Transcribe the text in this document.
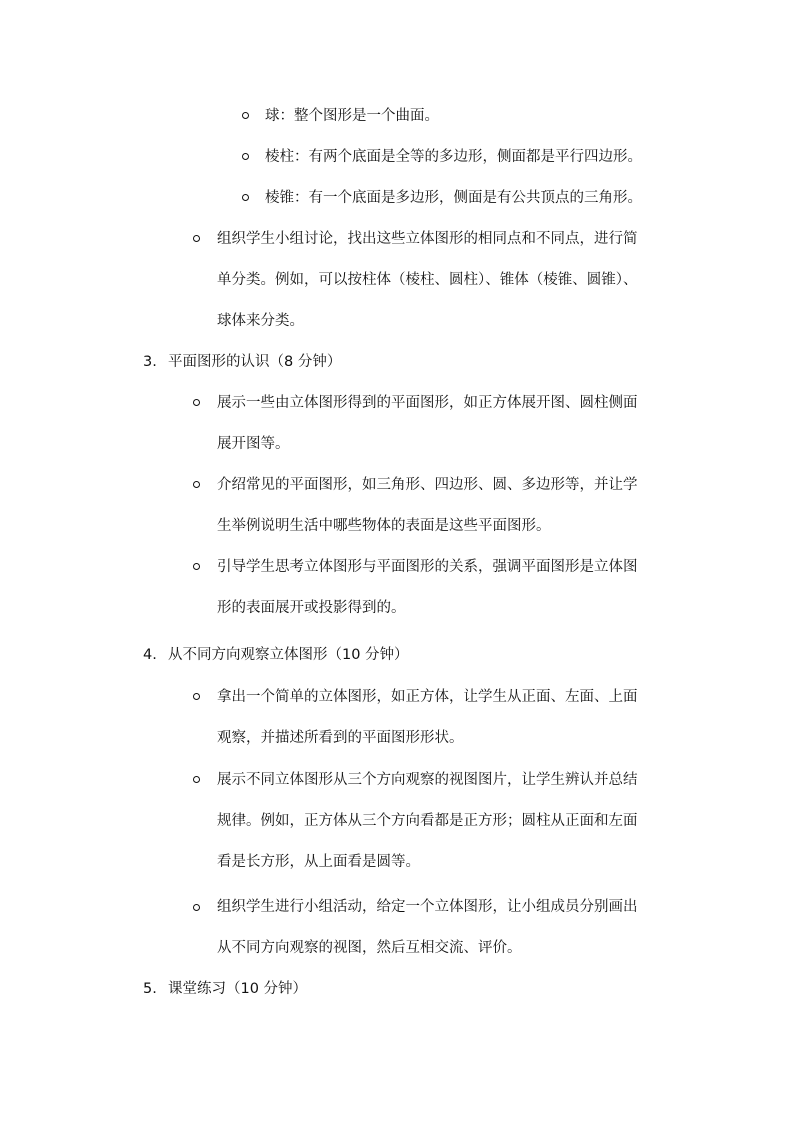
球：整个图形是一个曲面。
棱柱：有两个底面是全等的多边形，侧面都是平行四边形。
棱锥：有一个底面是多边形，侧面是有公共顶点的三角形。
组织学生小组讨论，找出这些立体图形的相同点和不同点，进行简
单分类。例如，可以按柱体（棱柱、圆柱）、锥体（棱锥、圆锥）、
球体来分类。
3. 平面图形的认识（8 分钟）
展示一些由立体图形得到的平面图形，如正方体展开图、圆柱侧面
展开图等。
介绍常见的平面图形，如三角形、四边形、圆、多边形等，并让学
生举例说明生活中哪些物体的表面是这些平面图形。
引导学生思考立体图形与平面图形的关系，强调平面图形是立体图
形的表面展开或投影得到的。
4. 从不同方向观察立体图形（10 分钟）
拿出一个简单的立体图形，如正方体，让学生从正面、左面、上面
观察，并描述所看到的平面图形形状。
展示不同立体图形从三个方向观察的视图图片，让学生辨认并总结
规律。例如，正方体从三个方向看都是正方形；圆柱从正面和左面
看是长方形，从上面看是圆等。
组织学生进行小组活动，给定一个立体图形，让小组成员分别画出
从不同方向观察的视图，然后互相交流、评价。
5. 课堂练习（10 分钟）
